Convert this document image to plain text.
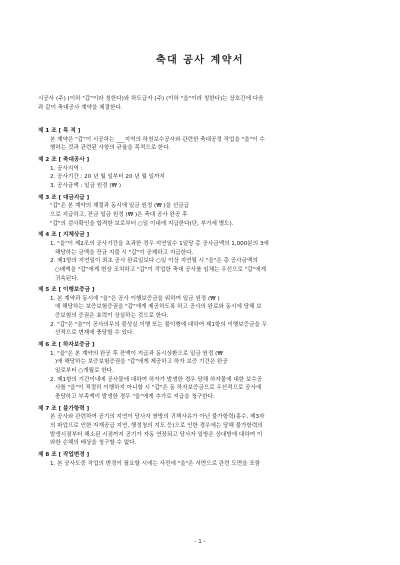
축대 공사 계약서

시공사 (주) (이하 "갑"이라 칭한다)와 하도급자 (주) (이하 "을"이라 칭한다)는 상호간에 다음

과 같이 축대공사 계약을 체결한다.

제 1 조 [ 목 적 ]

본 계약은 "갑"이 시공하는 ___지역의 하천보수공사와 관련한 축대공정 작업을 "을"이 수

행하는 것과 관련된 사항의 규율을 목적으로 한다.

제 2 조 [ 축대공사 ]

1. 공사지역 :

2. 공사기간 : 20 년 월 일부터 20 년 월 일까지

3. 공사금액 : 일금 원정 (₩ )

제 3 조 [ 대금지급 ]

"갑"은 본 계약의 체결과 동시에 일금 원정 (₩ )을 선금급

으로 지급하고, 잔금 일금 원정 (₩ )은 축대 공사 완공 후

"갑"의 검사확인을 합격한 보로부터 ○일 이내에 지급한다(단, 부가세 별도).

제 4 조 [ 지체상금 ]

1. "을"이 제2조의 공사기간을 초과한 경우 지연일수 1일당 총 공사금액의 1,000분의 3에

해당하는 금액을 잔금 지불 시 "갑"이 공제하고 지급한다.

2. 제1항의 지연일이 최초 공사 완료일보다 ○일 이상 지연될 시 "을"은 총 공사금액의

○배액을 "갑"에게 변상 조치하고 "갑"이 작업한 축대 공사를 임체는 우선으로 "갑"에게

귀속된다.

제 5 조 [ 이행보증금 ]

1. 본 계약과 동시에 "을"은 공사 이행보증금을 위하여 일금 원정 (₩ )

에 해당하는 보증보험증권을 "갑"에게 제공하도록 하고 공사의 완료와 동시에 당해 보

증보험의 증권은 효력이 상실하는 것으로 한다.

2. "갑"은 "을"이 공사의무의 불성실 이행 또는 불이행에 대하여 제1항의 이행보증금을 우

선적으로 변제에 충당할 수 있다.

제 6 조 [ 하자보증금 ]

1. "을"은 본 계약의 완공 후 잔액이 지급과 동시상환으로 일금 원정 (₩

)에 해당하는 보증보험증권을 "갑"에게 제공하고 하자 보증 기간은 완공

일로부터 ○개월로 한다.

2. 제1항의 기간이내에 공사물에 대하여 하자가 발생한 경우 당해 하자물에 대한 보수공

사를 "을"이 적절히 이행하지 아니할 시 "갑"은 동 하자보증금으로 우선적으로 공사에

충당하고 부족액이 발생한 경우 "을"에게 추가로 지급을 청구한다.

제 7 조 [ 불가항력 ]

본 공사와 관련하여 공기의 지연이 당사자 쌍방의 귀책사유가 아닌 불가항력(홍수, 제3자

의 파업으로 인한 자재공급 지연, 행정청의 지도 등)으로 인한 경우에는 당해 불가항력의

발생시점부터 해소된 시점까지 공기가 자동 연장되고 당사자 일방은 상대방에 대하여 이

와한 손해의 배상을 청구할 수 없다.

제 8 조 [ 작업변경 ]

1. 본 공사도중 작업의 변경이 필요할 시에는 사전에 "을"은 서면으로 관련 도면을 포함

- 1 -
